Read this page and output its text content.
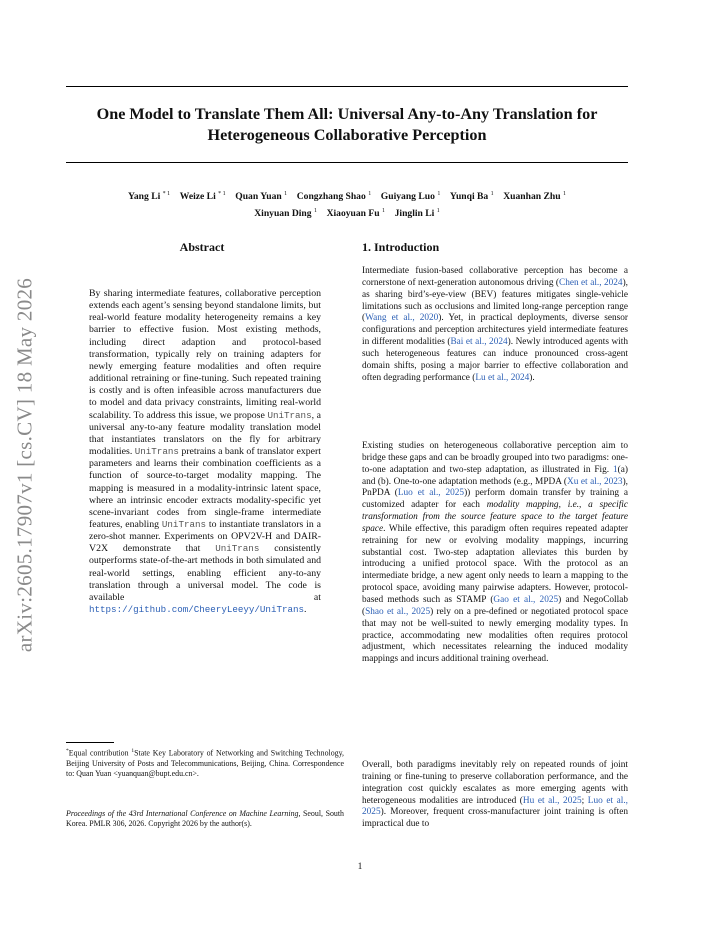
One Model to Translate Them All: Universal Any-to-Any Translation for
Heterogeneous Collaborative Perception
Yang Li $^{* 1}$  Weize Li $^{* 1}$  Quan Yuan $^1$  Congzhang Shao $^1$  Guiyang Luo $^1$  Yunqi Ba $^1$  Xuanhan Zhu $^1$
Xinyuan Ding $^1$  Xiaoyuan Fu $^1$  Jinglin Li $^1$
arXiv:2605.17907v1 [cs.CV] 18 May 2026
Abstract
By sharing intermediate features, collaborative perception extends each agent’s sensing beyond standalone limits, but real-world feature modality heterogeneity remains a key barrier to effective fusion. Most existing methods, including direct adaption and protocol-based transformation, typically rely on training adapters for newly emerging feature modalities and often require additional retraining or fine-tuning. Such repeated training is costly and is often infeasible across manufacturers due to model and data privacy constraints, limiting real-world scalability. To address this issue, we propose UniTrans, a universal any-to-any feature modality translation model that instantiates translators on the fly for arbitrary modalities. UniTrans pretrains a bank of translator expert parameters and learns their combination coefficients as a function of source-to-target modality mapping. The mapping is measured in a modality-intrinsic latent space, where an intrinsic encoder extracts modality-specific yet scene-invariant codes from single-frame intermediate features, enabling UniTrans to instantiate translators in a zero-shot manner. Experiments on OPV2V-H and DAIR-V2X demonstrate that UniTrans consistently outperforms state-of-the-art methods in both simulated and real-world settings, enabling efficient any-to-any translation through a universal model. The code is available at https://github.com/CheeryLeeyy/UniTrans.
*Equal contribution $^1$State Key Laboratory of Networking and Switching Technology, Beijing University of Posts and Telecommunications, Beijing, China. Correspondence to: Quan Yuan <yuanquan@bupt.edu.cn>.
Proceedings of the 43rd International Conference on Machine Learning, Seoul, South Korea. PMLR 306, 2026. Copyright 2026 by the author(s).
1. Introduction
Intermediate fusion-based collaborative perception has become a cornerstone of next-generation autonomous driving (Chen et al., 2024), as sharing bird’s-eye-view (BEV) features mitigates single-vehicle limitations such as occlusions and limited long-range perception range (Wang et al., 2020). Yet, in practical deployments, diverse sensor configurations and perception architectures yield intermediate features in different modalities (Bai et al., 2024). Newly introduced agents with such heterogeneous features can induce pronounced cross-agent domain shifts, posing a major barrier to effective collaboration and often degrading performance (Lu et al., 2024).
Existing studies on heterogeneous collaborative perception aim to bridge these gaps and can be broadly grouped into two paradigms: one-to-one adaptation and two-step adaptation, as illustrated in Fig. 1(a) and (b). One-to-one adaptation methods (e.g., MPDA (Xu et al., 2023), PnPDA (Luo et al., 2025)) perform domain transfer by training a customized adapter for each modality mapping, i.e., a specific transformation from the source feature space to the target feature space. While effective, this paradigm often requires repeated adapter retraining for new or evolving modality mappings, incurring substantial cost. Two-step adaptation alleviates this burden by introducing a unified protocol space. With the protocol as an intermediate bridge, a new agent only needs to learn a mapping to the protocol space, avoiding many pairwise adapters. However, protocol-based methods such as STAMP (Gao et al., 2025) and NegoCollab (Shao et al., 2025) rely on a pre-defined or negotiated protocol space that may not be well-suited to newly emerging modality types. In practice, accommodating new modalities often requires protocol adjustment, which necessitates relearning the induced modality mappings and incurs additional training overhead.
Overall, both paradigms inevitably rely on repeated rounds of joint training or fine-tuning to preserve collaboration performance, and the integration cost quickly escalates as more emerging agents with heterogeneous modalities are introduced (Hu et al., 2025; Luo et al., 2025). Moreover, frequent cross-manufacturer joint training is often impractical due to
1
